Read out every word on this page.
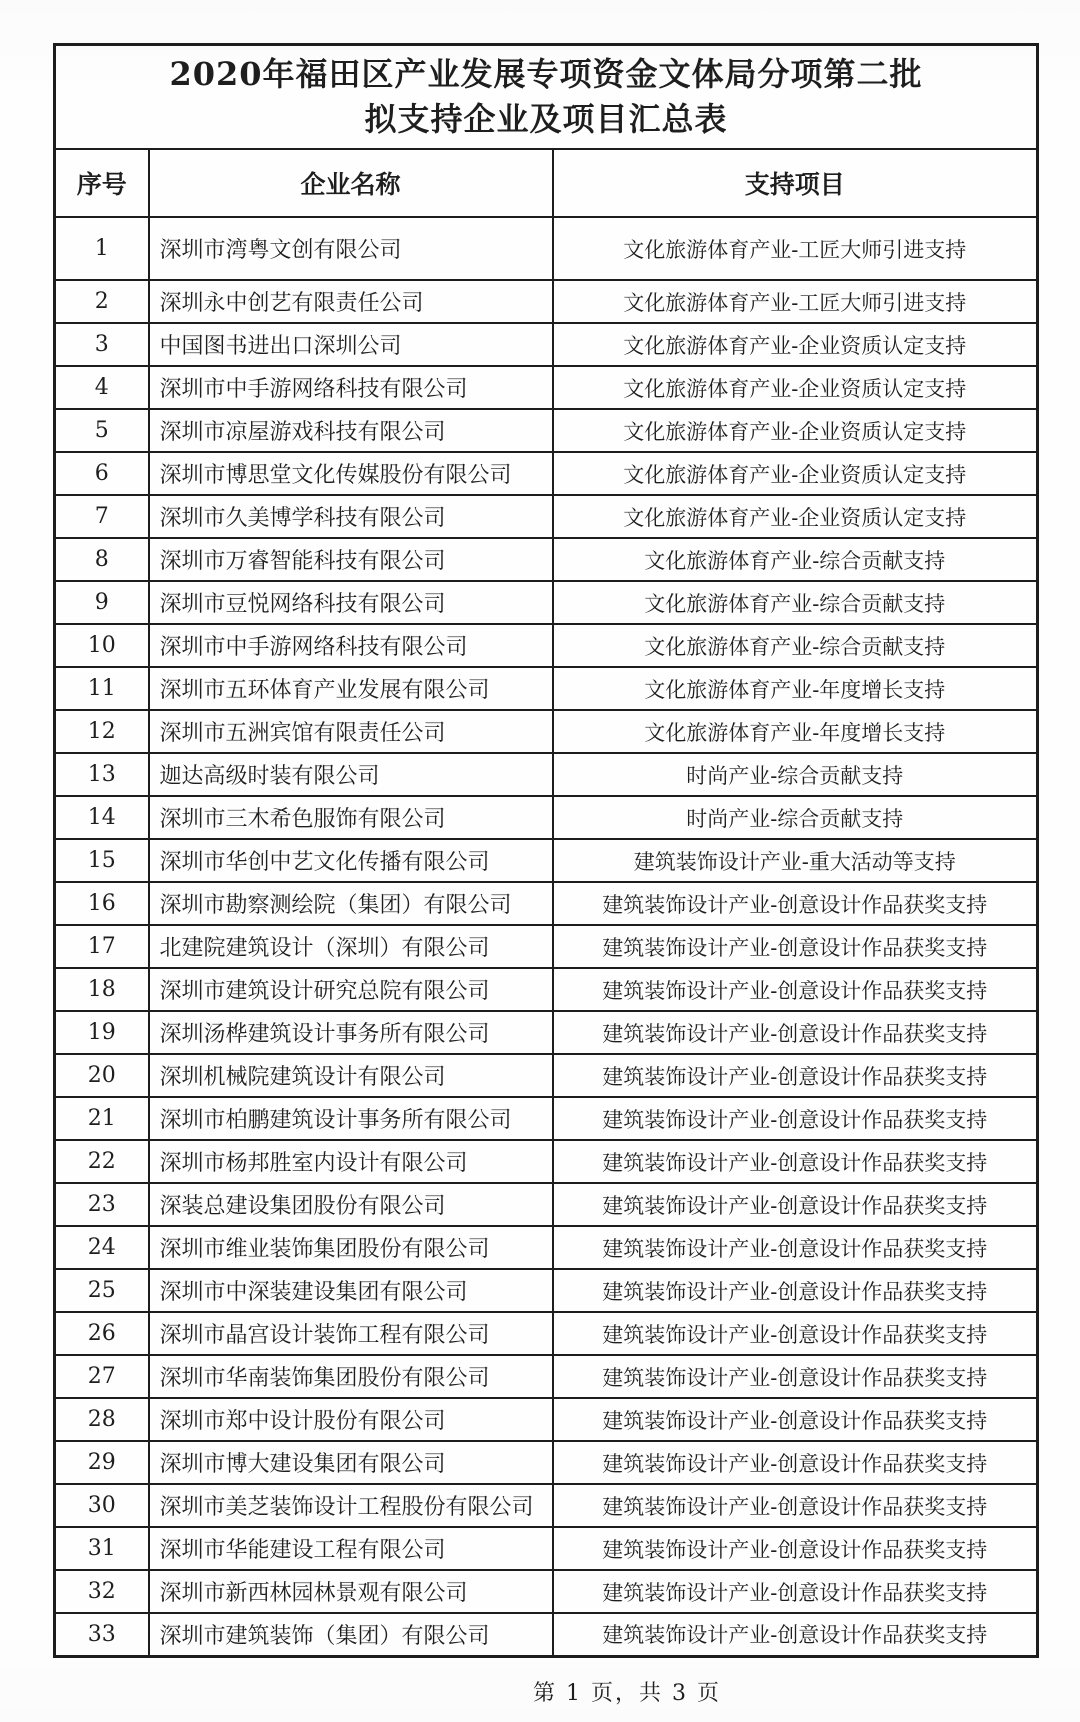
2020年福田区产业发展专项资金文体局分项第二批
拟支持企业及项目汇总表		

序号	企业名称	支持项目
1	深圳市湾粤文创有限公司	文化旅游体育产业-工匠大师引进支持
2	深圳永中创艺有限责任公司	文化旅游体育产业-工匠大师引进支持
3	中国图书进出口深圳公司	文化旅游体育产业-企业资质认定支持
4	深圳市中手游网络科技有限公司	文化旅游体育产业-企业资质认定支持
5	深圳市凉屋游戏科技有限公司	文化旅游体育产业-企业资质认定支持
6	深圳市博思堂文化传媒股份有限公司	文化旅游体育产业-企业资质认定支持
7	深圳市久美博学科技有限公司	文化旅游体育产业-企业资质认定支持
8	深圳市万睿智能科技有限公司	文化旅游体育产业-综合贡献支持
9	深圳市豆悦网络科技有限公司	文化旅游体育产业-综合贡献支持
10	深圳市中手游网络科技有限公司	文化旅游体育产业-综合贡献支持
11	深圳市五环体育产业发展有限公司	文化旅游体育产业-年度增长支持
12	深圳市五洲宾馆有限责任公司	文化旅游体育产业-年度增长支持
13	迦达高级时装有限公司	时尚产业-综合贡献支持
14	深圳市三木希色服饰有限公司	时尚产业-综合贡献支持
15	深圳市华创中艺文化传播有限公司	建筑装饰设计产业-重大活动等支持
16	深圳市勘察测绘院（集团）有限公司	建筑装饰设计产业-创意设计作品获奖支持
17	北建院建筑设计（深圳）有限公司	建筑装饰设计产业-创意设计作品获奖支持
18	深圳市建筑设计研究总院有限公司	建筑装饰设计产业-创意设计作品获奖支持
19	深圳汤桦建筑设计事务所有限公司	建筑装饰设计产业-创意设计作品获奖支持
20	深圳机械院建筑设计有限公司	建筑装饰设计产业-创意设计作品获奖支持
21	深圳市柏鹏建筑设计事务所有限公司	建筑装饰设计产业-创意设计作品获奖支持
22	深圳市杨邦胜室内设计有限公司	建筑装饰设计产业-创意设计作品获奖支持
23	深装总建设集团股份有限公司	建筑装饰设计产业-创意设计作品获奖支持
24	深圳市维业装饰集团股份有限公司	建筑装饰设计产业-创意设计作品获奖支持
25	深圳市中深装建设集团有限公司	建筑装饰设计产业-创意设计作品获奖支持
26	深圳市晶宫设计装饰工程有限公司	建筑装饰设计产业-创意设计作品获奖支持
27	深圳市华南装饰集团股份有限公司	建筑装饰设计产业-创意设计作品获奖支持
28	深圳市郑中设计股份有限公司	建筑装饰设计产业-创意设计作品获奖支持
29	深圳市博大建设集团有限公司	建筑装饰设计产业-创意设计作品获奖支持
30	深圳市美芝装饰设计工程股份有限公司	建筑装饰设计产业-创意设计作品获奖支持
31	深圳市华能建设工程有限公司	建筑装饰设计产业-创意设计作品获奖支持
32	深圳市新西林园林景观有限公司	建筑装饰设计产业-创意设计作品获奖支持
33	深圳市建筑装饰（集团）有限公司	建筑装饰设计产业-创意设计作品获奖支持
第 1 页，共 3 页
